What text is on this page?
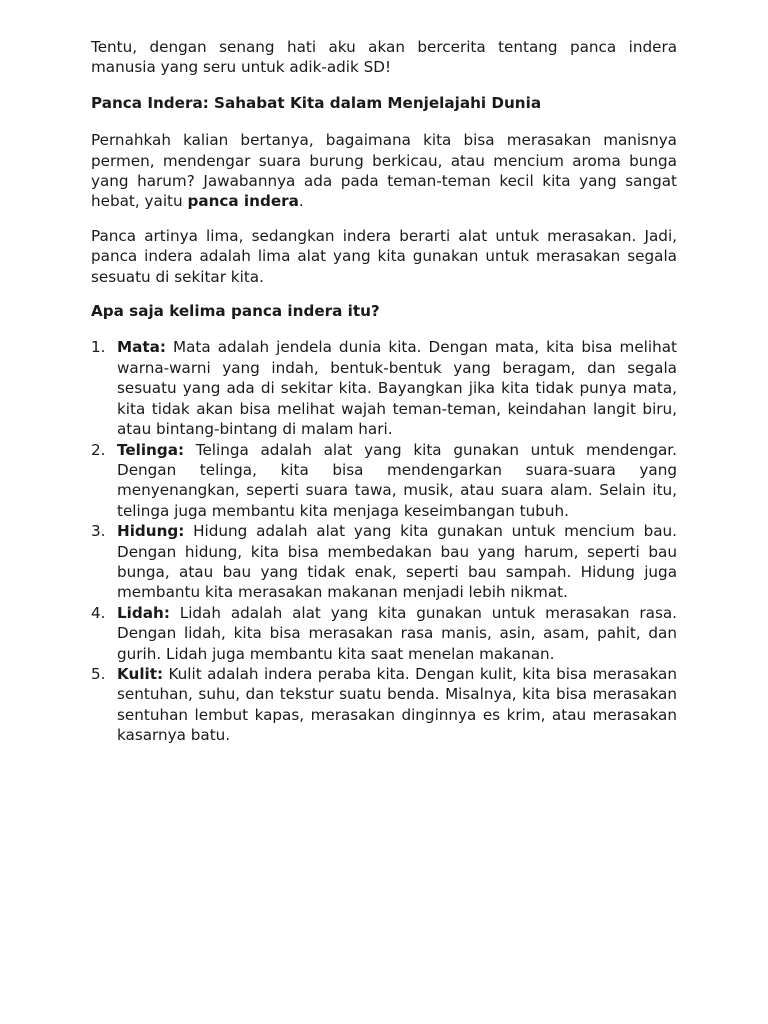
Tentu, dengan senang hati aku akan bercerita tentang panca indera manusia yang seru untuk adik-adik SD!

Panca Indera: Sahabat Kita dalam Menjelajahi Dunia

Pernahkah kalian bertanya, bagaimana kita bisa merasakan manisnya permen, mendengar suara burung berkicau, atau mencium aroma bunga yang harum? Jawabannya ada pada teman-teman kecil kita yang sangat hebat, yaitu panca indera.

Panca artinya lima, sedangkan indera berarti alat untuk merasakan. Jadi, panca indera adalah lima alat yang kita gunakan untuk merasakan segala sesuatu di sekitar kita.

Apa saja kelima panca indera itu?

1. Mata: Mata adalah jendela dunia kita. Dengan mata, kita bisa melihat warna-warni yang indah, bentuk-bentuk yang beragam, dan segala sesuatu yang ada di sekitar kita. Bayangkan jika kita tidak punya mata, kita tidak akan bisa melihat wajah teman-teman, keindahan langit biru, atau bintang-bintang di malam hari.
2. Telinga: Telinga adalah alat yang kita gunakan untuk mendengar. Dengan telinga, kita bisa mendengarkan suara-suara yang menyenangkan, seperti suara tawa, musik, atau suara alam. Selain itu, telinga juga membantu kita menjaga keseimbangan tubuh.
3. Hidung: Hidung adalah alat yang kita gunakan untuk mencium bau. Dengan hidung, kita bisa membedakan bau yang harum, seperti bau bunga, atau bau yang tidak enak, seperti bau sampah. Hidung juga membantu kita merasakan makanan menjadi lebih nikmat.
4. Lidah: Lidah adalah alat yang kita gunakan untuk merasakan rasa. Dengan lidah, kita bisa merasakan rasa manis, asin, asam, pahit, dan gurih. Lidah juga membantu kita saat menelan makanan.
5. Kulit: Kulit adalah indera peraba kita. Dengan kulit, kita bisa merasakan sentuhan, suhu, dan tekstur suatu benda. Misalnya, kita bisa merasakan sentuhan lembut kapas, merasakan dinginnya es krim, atau merasakan kasarnya batu.
